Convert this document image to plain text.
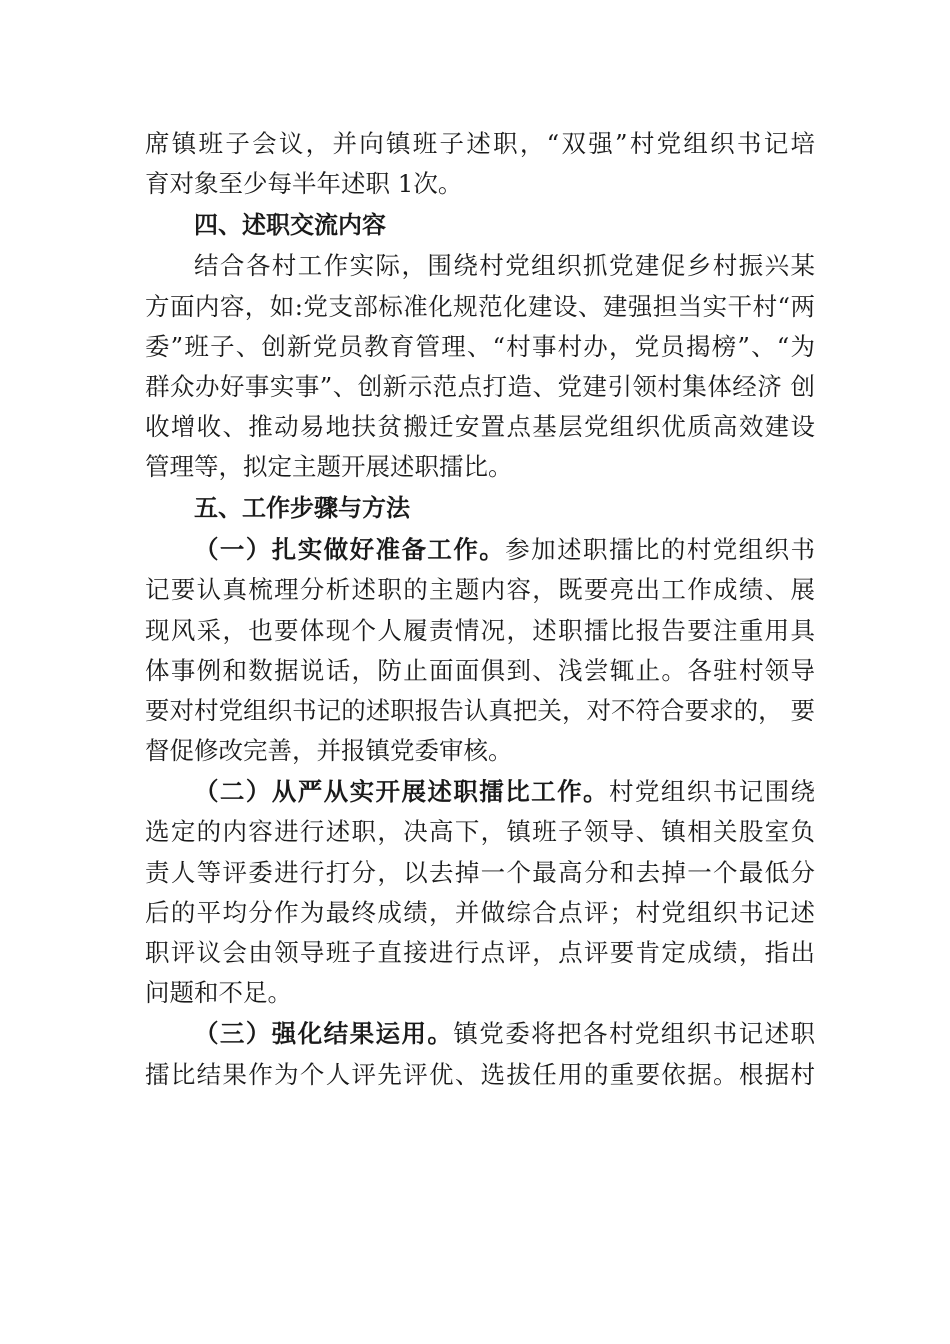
席镇班子会议，并向镇班子述职，“双强”村党组织书记培
育对象至少每半年述职 1次。
四、述职交流内容
结合各村工作实际，围绕村党组织抓党建促乡村振兴某
方面内容，如:党支部标准化规范化建设、建强担当实干村“两
委”班子、创新党员教育管理、“村事村办，党员揭榜”、“为
群众办好事实事”、创新示范点打造、党建引领村集体经济 创
收增收、推动易地扶贫搬迁安置点基层党组织优质高效建设
管理等，拟定主题开展述职擂比。
五、工作步骤与方法
（一）扎实做好准备工作。参加述职擂比的村党组织书
记要认真梳理分析述职的主题内容，既要亮出工作成绩、展
现风采，也要体现个人履责情况，述职擂比报告要注重用具
体事例和数据说话，防止面面俱到、浅尝辄止。各驻村领导
要对村党组织书记的述职报告认真把关，对不符合要求的， 要
督促修改完善，并报镇党委审核。
（二）从严从实开展述职擂比工作。村党组织书记围绕
选定的内容进行述职，决高下，镇班子领导、镇相关股室负
责人等评委进行打分，以去掉一个最高分和去掉一个最低分
后的平均分作为最终成绩，并做综合点评；村党组织书记述
职评议会由领导班子直接进行点评，点评要肯定成绩，指出
问题和不足。
（三）强化结果运用。镇党委将把各村党组织书记述职
擂比结果作为个人评先评优、选拔任用的重要依据。根据村
